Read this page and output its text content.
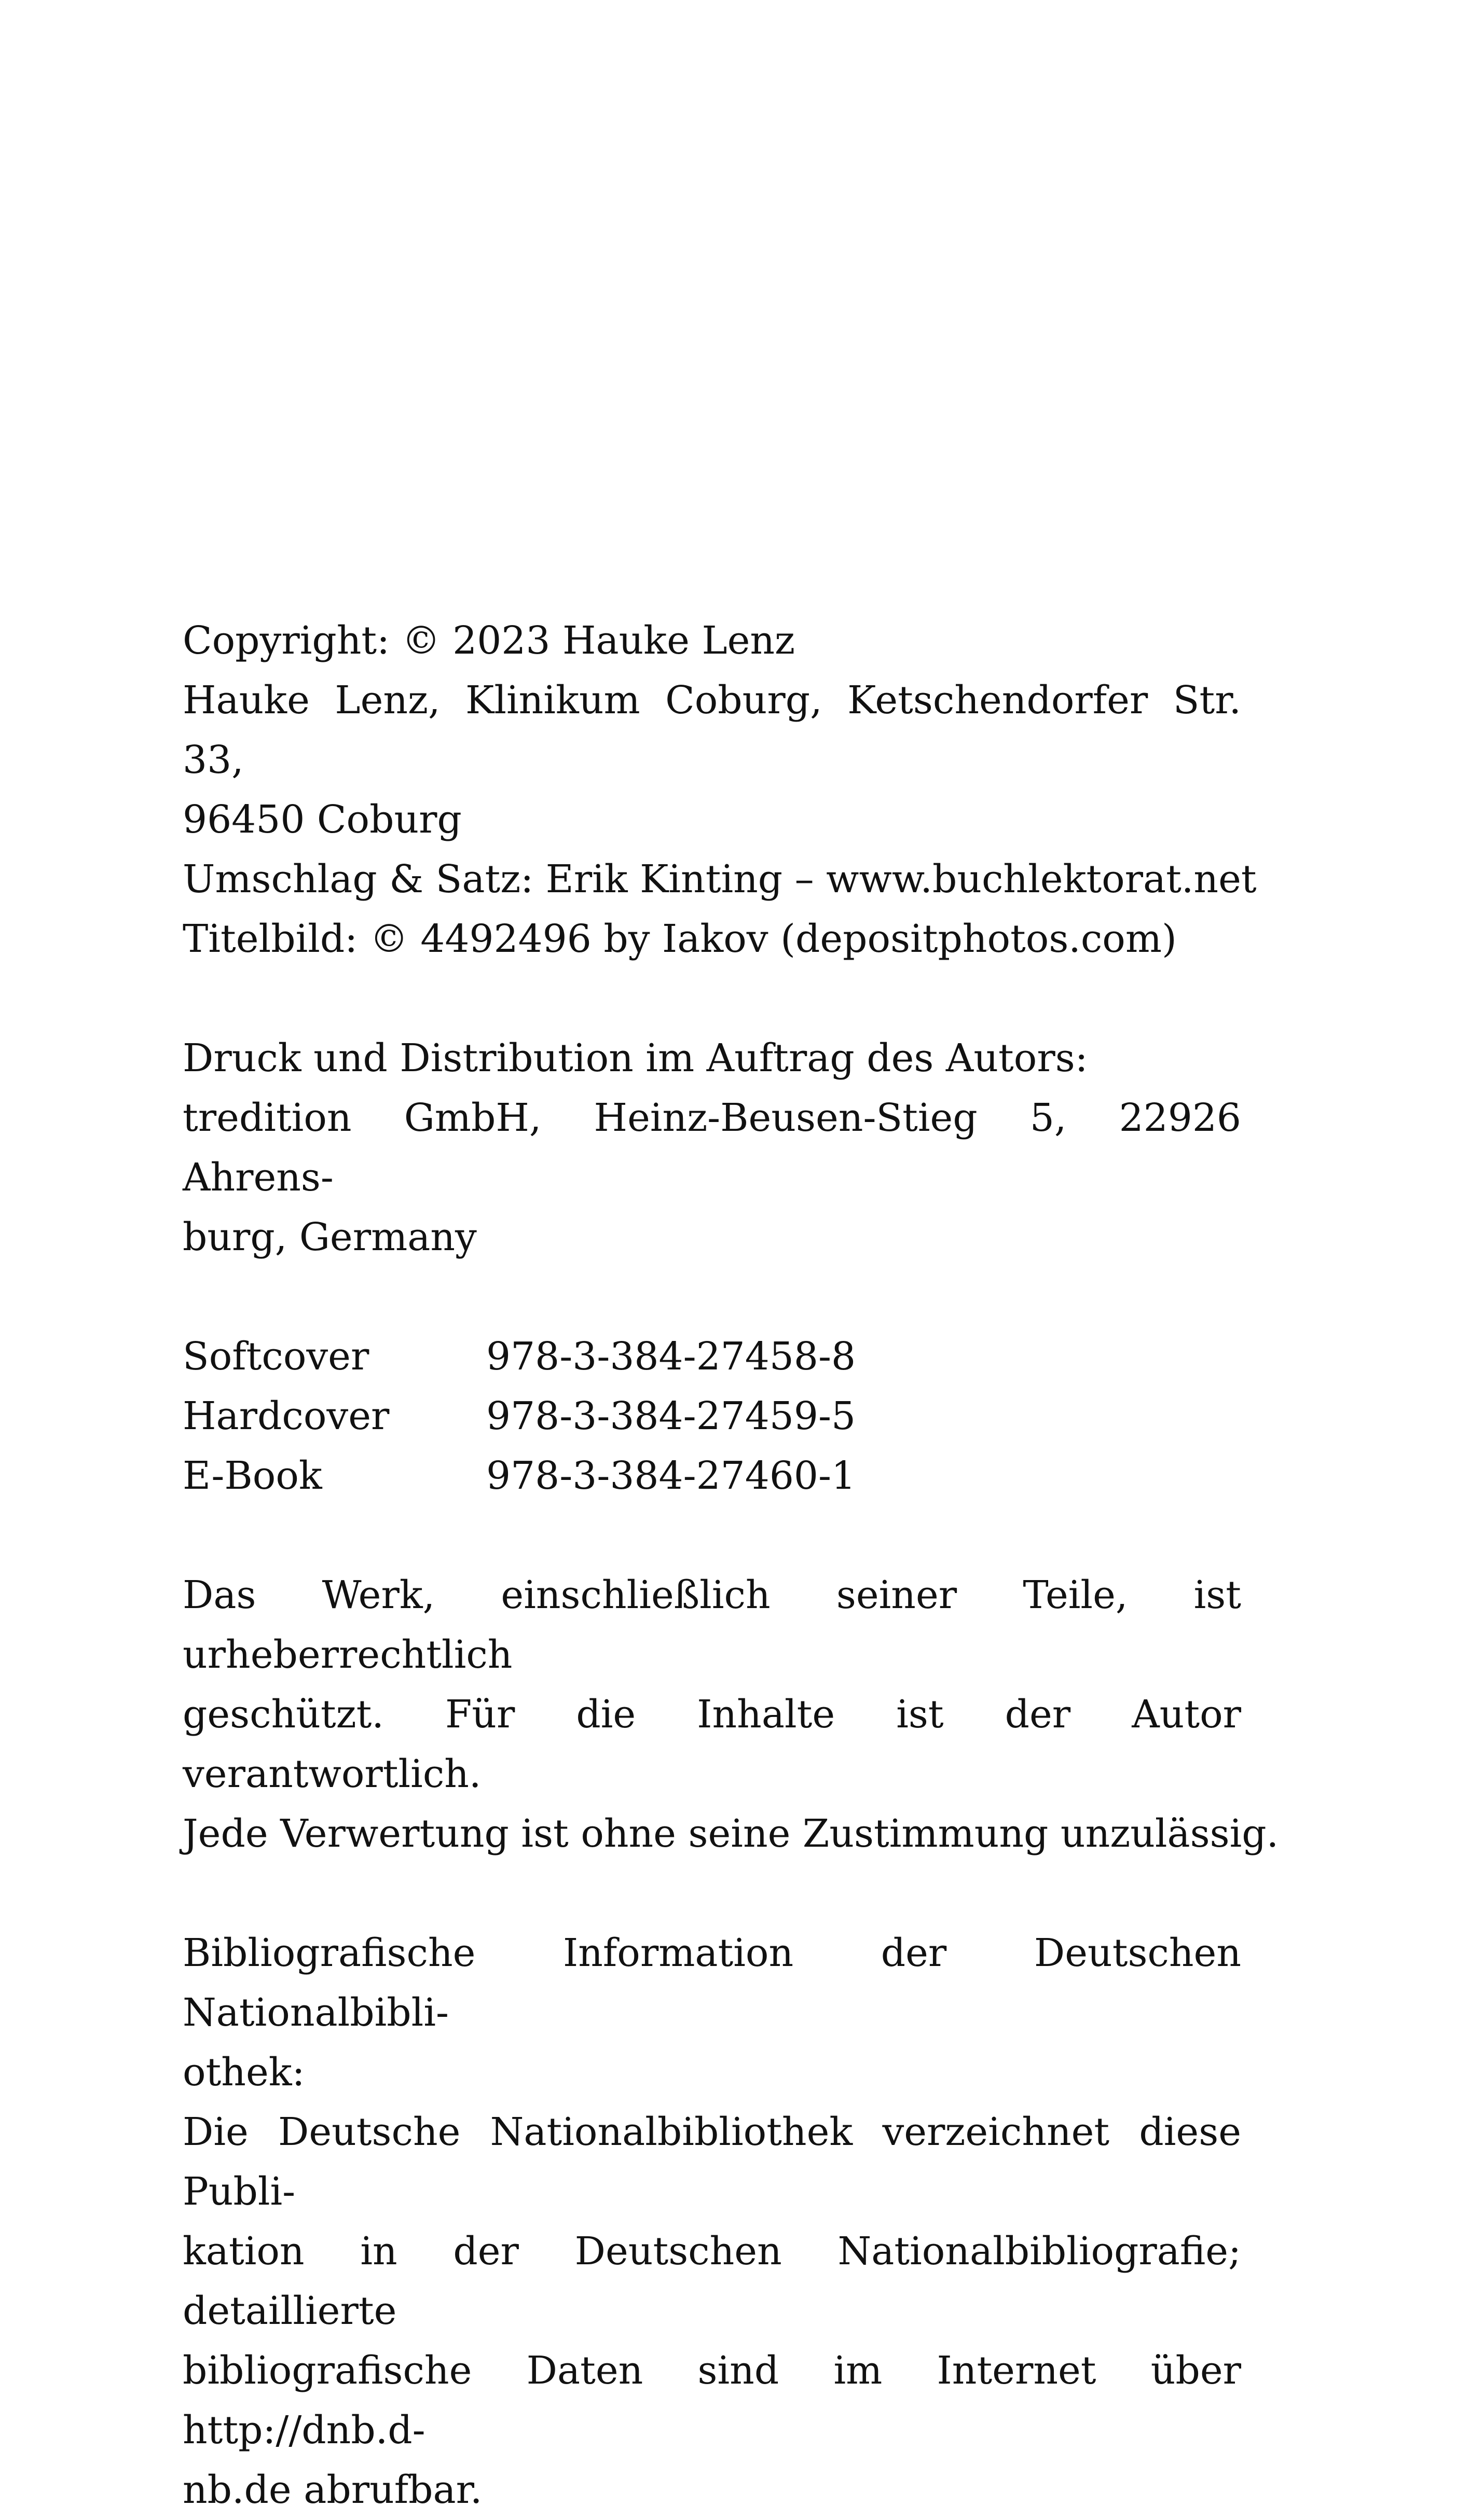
Copyright: © 2023 Hauke Lenz
Hauke Lenz, Klinikum Coburg, Ketschendorfer Str. 33,
96450 Coburg
Umschlag & Satz: Erik Kinting – www.buchlektorat.net
Titelbild: © 4492496 by Iakov (depositphotos.com)
Druck und Distribution im Auftrag des Autors:
tredition GmbH, Heinz-Beusen-Stieg 5, 22926 Ahrens-
burg, Germany
Softcover	978-3-384-27458-8
Hardcover	978-3-384-27459-5
E-Book	978-3-384-27460-1
Das Werk, einschließlich seiner Teile, ist urheberrechtlich
geschützt. Für die Inhalte ist der Autor verantwortlich.
Jede Verwertung ist ohne seine Zustimmung unzulässig.
Bibliografische Information der Deutschen Nationalbibli-
othek:
Die Deutsche Nationalbibliothek verzeichnet diese Publi-
kation in der Deutschen Nationalbibliografie; detaillierte
bibliografische Daten sind im Internet über http://dnb.d-
nb.de abrufbar.
